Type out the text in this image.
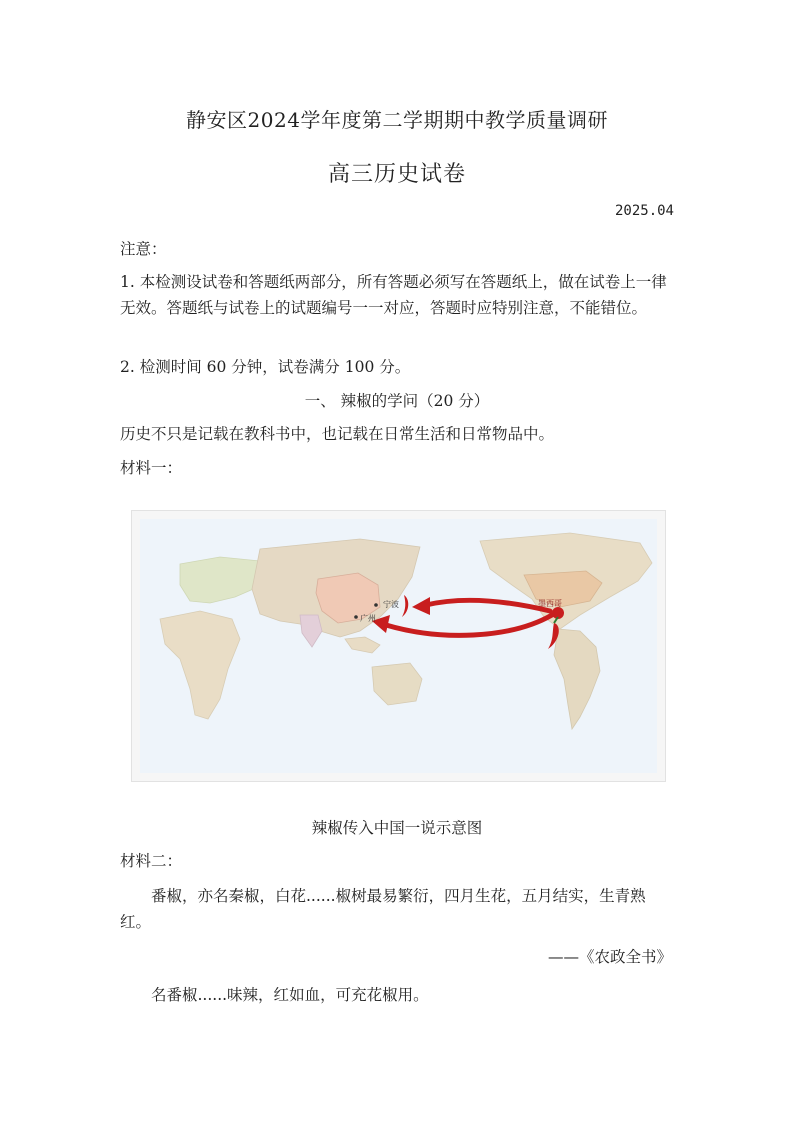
静安区2024学年度第二学期期中教学质量调研
高三历史试卷
2025.04
注意：
1. 本检测设试卷和答题纸两部分，所有答题必须写在答题纸上，做在试卷上一律无效。答题纸与试卷上的试题编号一一对应，答题时应特别注意，不能错位。
2. 检测时间 60 分钟，试卷满分 100 分。
一、 辣椒的学问（20 分）
历史不只是记载在教科书中，也记载在日常生活和日常物品中。
材料一：
宁波
广州
墨西哥
辣椒传入中国一说示意图
材料二：
番椒，亦名秦椒，白花......椒树最易繁衍，四月生花，五月结实，生青熟红。
——《农政全书》
名番椒......味辣，红如血，可充花椒用。
